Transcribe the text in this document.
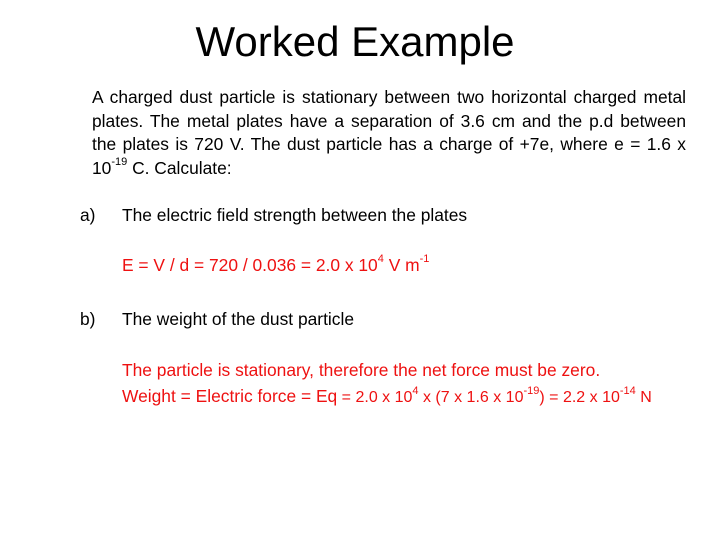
Worked Example
A charged dust particle is stationary between two horizontal charged metal
plates. The metal plates have a separation of 3.6 cm and the p.d between
the plates is 720 V. The dust particle has a charge of +7e, where e = 1.6 x
$10^{-19}$ C. Calculate:
a) The electric field strength between the plates
E = V / d = 720 / 0.036 = 2.0 x $10^4$ V $m^{-1}$
b) The weight of the dust particle
The particle is stationary, therefore the net force must be zero.
Weight = Electric force = Eq = 2.0 x $10^4$ x (7 x 1.6 x $10^{-19}) = 2.2$ x $10^{-14}$ N
